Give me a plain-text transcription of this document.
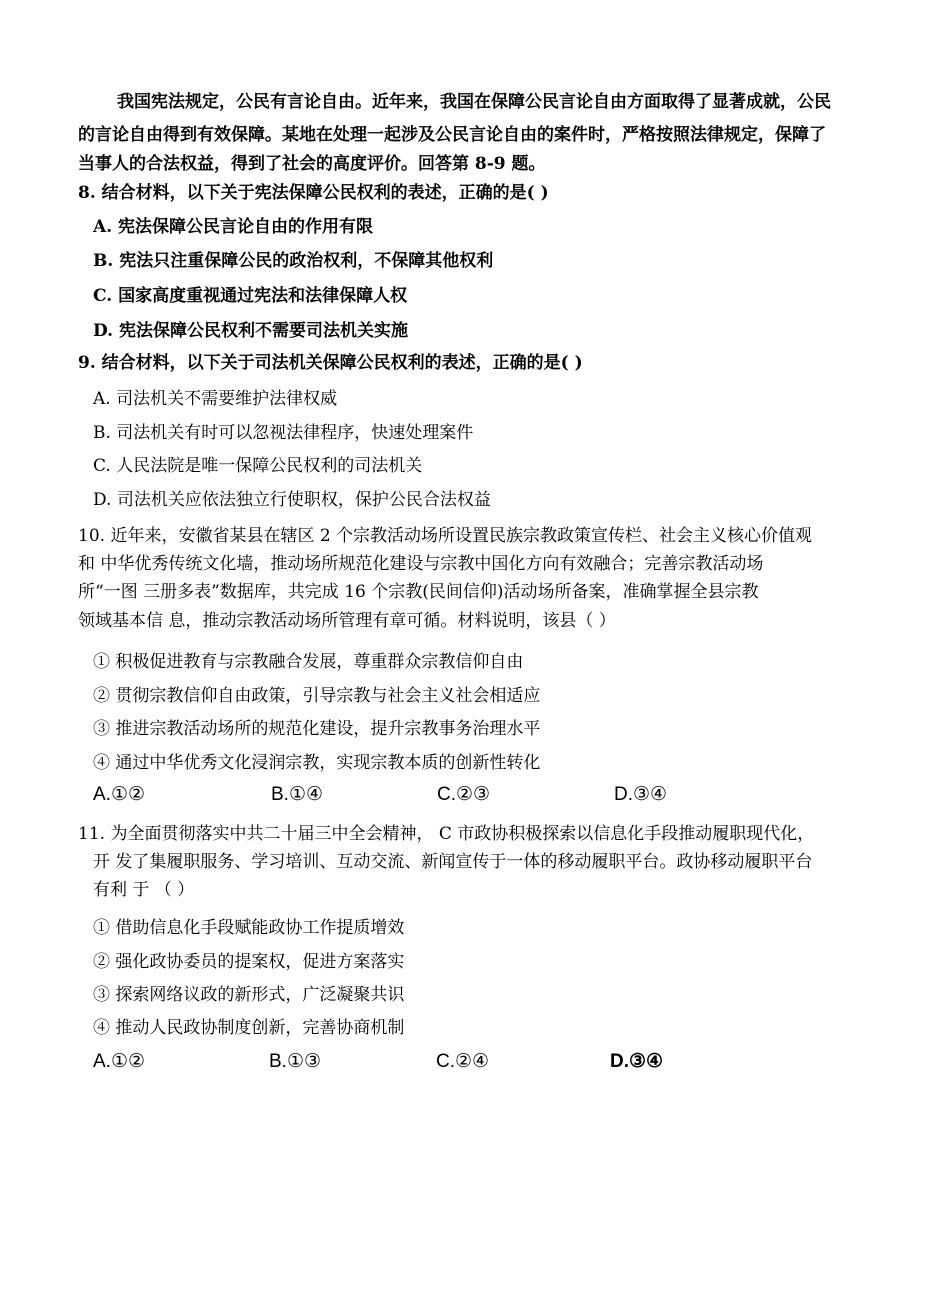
我国宪法规定，公民有言论自由。近年来，我国在保障公民言论自由方面取得了显著成就，公民
的言论自由得到有效保障。某地在处理一起涉及公民言论自由的案件时，严格按照法律规定，保障了
当事人的合法权益，得到了社会的高度评价。回答第 8-9 题。
8. 结合材料，以下关于宪法保障公民权利的表述，正确的是( )
A. 宪法保障公民言论自由的作用有限
B. 宪法只注重保障公民的政治权利，不保障其他权利
C. 国家高度重视通过宪法和法律保障人权
D. 宪法保障公民权利不需要司法机关实施
9. 结合材料，以下关于司法机关保障公民权利的表述，正确的是( )
A. 司法机关不需要维护法律权威
B. 司法机关有时可以忽视法律程序，快速处理案件
C. 人民法院是唯一保障公民权利的司法机关
D. 司法机关应依法独立行使职权，保护公民合法权益
10. 近年来，安徽省某县在辖区 2 个宗教活动场所设置民族宗教政策宣传栏、社会主义核心价值观
和 中华优秀传统文化墙，推动场所规范化建设与宗教中国化方向有效融合；完善宗教活动场
所“一图 三册多表”数据库，共完成 16 个宗教(民间信仰)活动场所备案，准确掌握全县宗教
领域基本信 息，推动宗教活动场所管理有章可循。材料说明，该县（ ）
① 积极促进教育与宗教融合发展，尊重群众宗教信仰自由
② 贯彻宗教信仰自由政策，引导宗教与社会主义社会相适应
③ 推进宗教活动场所的规范化建设，提升宗教事务治理水平
④ 通过中华优秀文化浸润宗教，实现宗教本质的创新性转化
A.①②	B.①④	C.②③	D.③④
11. 为全面贯彻落实中共二十届三中全会精神， C 市政协积极探索以信息化手段推动履职现代化，
开 发了集履职服务、学习培训、互动交流、新闻宣传于一体的移动履职平台。政协移动履职平台
有利 于 （ ）
① 借助信息化手段赋能政协工作提质增效
② 强化政协委员的提案权，促进方案落实
③ 探索网络议政的新形式，广泛凝聚共识
④ 推动人民政协制度创新，完善协商机制
A.①②	B.①③	C.②④	D.③④
